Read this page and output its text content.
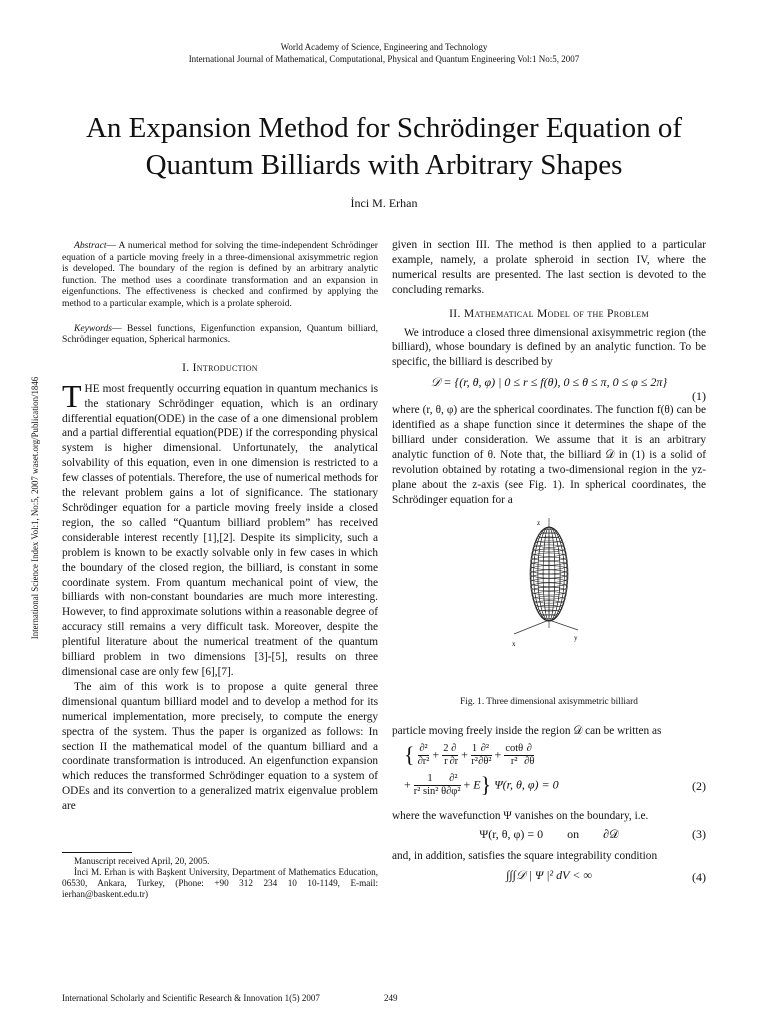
World Academy of Science, Engineering and Technology
International Journal of Mathematical, Computational, Physical and Quantum Engineering Vol:1 No:5, 2007
An Expansion Method for Schrödinger Equation of
Quantum Billiards with Arbitrary Shapes
İnci M. Erhan
International Science Index Vol:1, No:5, 2007 waset.org/Publication/1846

Abstract— A numerical method for solving the time-independent Schrödinger equation of a particle moving freely in a three-dimensional axisymmetric region is developed. The boundary of the region is defined by an arbitrary analytic function. The method uses a coordinate transformation and an expansion in eigenfunctions. The effectiveness is checked and confirmed by applying the method to a particular example, which is a prolate spheroid.

Keywords— Bessel functions, Eigenfunction expansion, Quantum billiard, Schrödinger equation, Spherical harmonics.

I. Introduction

THE most frequently occurring equation in quantum mechanics is the stationary Schrödinger equation, which is an ordinary differential equation(ODE) in the case of a one dimensional problem and a partial differential equation(PDE) if the corresponding physical system is higher dimensional. Unfortunately, the analytical solvability of this equation, even in one dimension is restricted to a few classes of potentials. Therefore, the use of numerical methods for the relevant problem gains a lot of significance. The stationary Schrödinger equation for a particle moving freely inside a closed region, the so called “Quantum billiard problem” has received considerable interest recently [1],[2]. Despite its simplicity, such a problem is known to be exactly solvable only in few cases in which the boundary of the closed region, the billiard, is constant in some coordinate system. From quantum mechanical point of view, the billiards with non-constant boundaries are much more interesting. However, to find approximate solutions within a reasonable degree of accuracy still remains a very difficult task. Moreover, despite the plentiful literature about the numerical treatment of the quantum billiard problem in two dimensions [3]-[5], results on three dimensional case are only few [6],[7].

The aim of this work is to propose a quite general three dimensional quantum billiard model and to develop a method for its numerical implementation, more precisely, to compute the energy spectra of the system. Thus the paper is organized as follows: In section II the mathematical model of the quantum billiard and a coordinate transformation is introduced. An eigenfunction expansion which reduces the transformed Schrödinger equation to a system of ODEs and its convertion to a generalized matrix eigenvalue problem are

Manuscript received April, 20, 2005.

İnci M. Erhan is with Başkent University, Department of Mathematics Education, 06530, Ankara, Turkey, (Phone: +90 312 234 10 10-1149, E-mail: ierhan@baskent.edu.tr)

given in section III. The method is then applied to a particular example, namely, a prolate spheroid in section IV, where the numerical results are presented. The last section is devoted to the concluding remarks.

II. Mathematical Model of the Problem

We introduce a closed three dimensional axisymmetric region (the billiard), whose boundary is defined by an analytic function. To be specific, the billiard is described by

𝒟 = {(r, θ, φ) | 0 ≤ r ≤ f(θ), 0 ≤ θ ≤ π, 0 ≤ φ ≤ 2π}
(1)

where (r, θ, φ) are the spherical coordinates. The function f(θ) can be identified as a shape function since it determines the shape of the billiard under consideration. We assume that it is an arbitrary analytic function of θ. Note that, the billiard 𝒟 in (1) is a solid of revolution obtained by rotating a two-dimensional region in the yz-plane about the z-axis (see Fig. 1). In spherical coordinates, the Schrödinger equation for a

z
x
y
Fig. 1. Three dimensional axisymmetric billiard

particle moving freely inside the region 𝒟 can be written as

{ $\frac{\text{∂²}}{\text{∂r²}} + \frac{2}{r} \frac{\partial}{\partial r} + \frac{1}{\text{r²}} \frac{\text{∂²}}{\text{∂θ²}} + \frac{\cot\theta}{\text{r²}} \frac{\partial}{\partial\theta}$
+ $\frac{1}{\text{r² sin² θ}} \frac{\text{∂²}}{\text{∂φ²}} + E$} Ψ(r, θ, φ) = 0	(2)

where the wavefunction Ψ vanishes on the boundary, i.e.

Ψ(r, θ, φ) = 0        on        ∂𝒟	(3)

and, in addition, satisfies the square integrability condition

∫∫∫𝒟 | Ψ |² dV < ∞	(4)
International Scholarly and Scientific Research & Innovation 1(5) 2007	249
